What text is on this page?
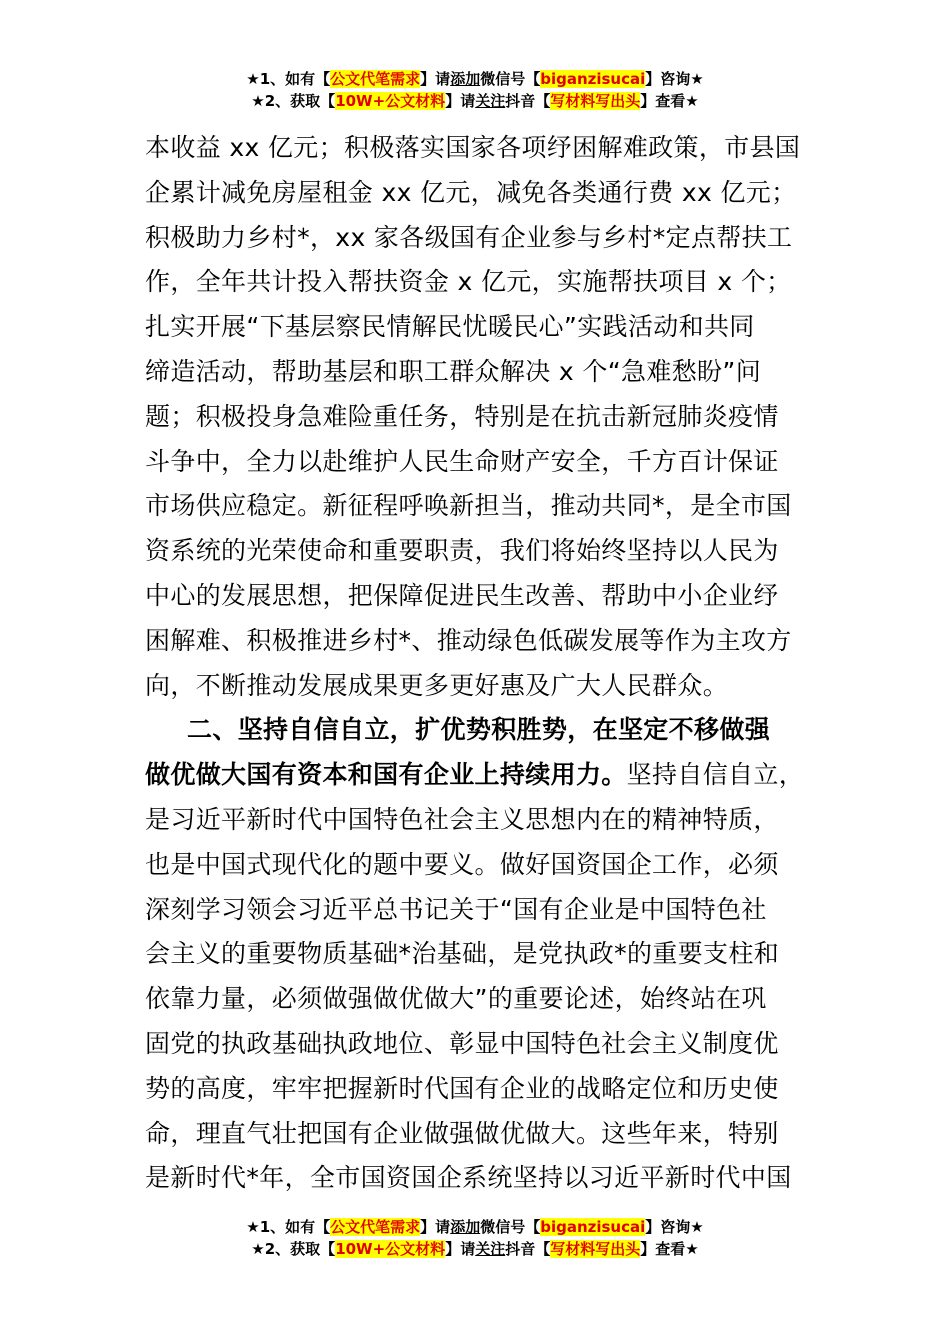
★1、如有【公文代笔需求】请添加微信号【biganzisucai】咨询★
★2、获取【10W+公文材料】请关注抖音【写材料写出头】查看★
本收益 xx 亿元；积极落实国家各项纾困解难政策，市县国
企累计减免房屋租金 xx 亿元，减免各类通行费 xx 亿元；
积极助力乡村*，xx 家各级国有企业参与乡村*定点帮扶工
作，全年共计投入帮扶资金 x 亿元，实施帮扶项目 x 个；
扎实开展“下基层察民情解民忧暖民心”实践活动和共同
缔造活动，帮助基层和职工群众解决 x 个“急难愁盼”问
题；积极投身急难险重任务，特别是在抗击新冠肺炎疫情
斗争中，全力以赴维护人民生命财产安全，千方百计保证
市场供应稳定。新征程呼唤新担当，推动共同*，是全市国
资系统的光荣使命和重要职责，我们将始终坚持以人民为
中心的发展思想，把保障促进民生改善、帮助中小企业纾
困解难、积极推进乡村*、推动绿色低碳发展等作为主攻方
向，不断推动发展成果更多更好惠及广大人民群众。
二、坚持自信自立，扩优势积胜势，在坚定不移做强
做优做大国有资本和国有企业上持续用力。坚持自信自立，
是习近平新时代中国特色社会主义思想内在的精神特质，
也是中国式现代化的题中要义。做好国资国企工作，必须
深刻学习领会习近平总书记关于“国有企业是中国特色社
会主义的重要物质基础*治基础，是党执政*的重要支柱和
依靠力量，必须做强做优做大”的重要论述，始终站在巩
固党的执政基础执政地位、彰显中国特色社会主义制度优
势的高度，牢牢把握新时代国有企业的战略定位和历史使
命，理直气壮把国有企业做强做优做大。这些年来，特别
是新时代*年，全市国资国企系统坚持以习近平新时代中国
★1、如有【公文代笔需求】请添加微信号【biganzisucai】咨询★
★2、获取【10W+公文材料】请关注抖音【写材料写出头】查看★
